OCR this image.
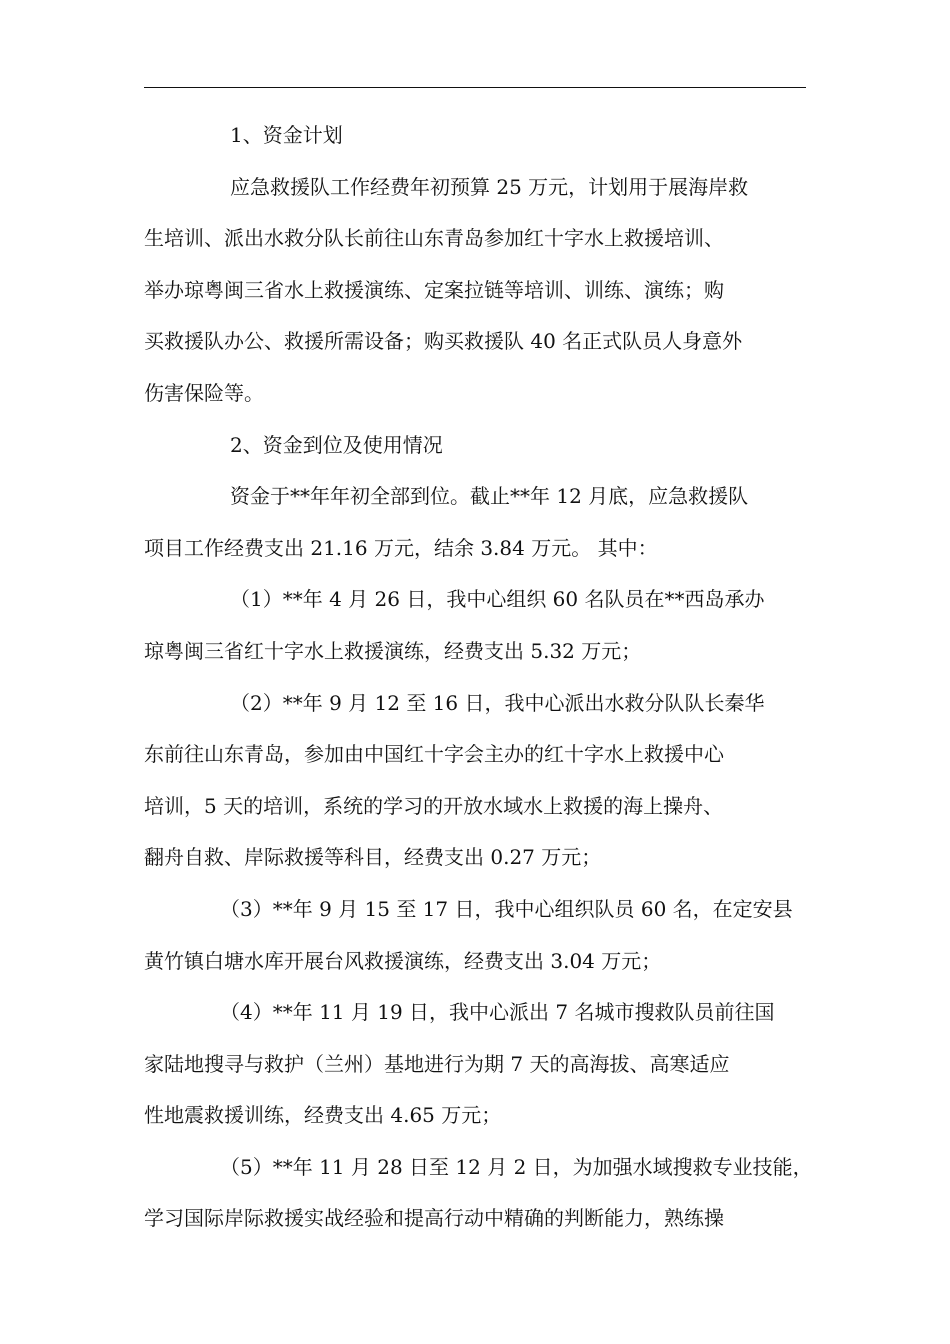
1、资金计划
应急救援队工作经费年初预算 25 万元，计划用于展海岸救
生培训、派出水救分队长前往山东青岛参加红十字水上救援培训、
举办琼粤闽三省水上救援演练、定案拉链等培训、训练、演练；购
买救援队办公、救援所需设备；购买救援队 40 名正式队员人身意外
伤害保险等。
2、资金到位及使用情况
资金于**年年初全部到位。截止**年 12 月底，应急救援队
项目工作经费支出 21.16 万元，结余 3.84 万元。 其中：
（1）**年 4 月 26 日，我中心组织 60 名队员在**西岛承办
琼粤闽三省红十字水上救援演练，经费支出 5.32 万元；
（2）**年 9 月 12 至 16 日，我中心派出水救分队队长秦华
东前往山东青岛，参加由中国红十字会主办的红十字水上救援中心
培训，5 天的培训，系统的学习的开放水域水上救援的海上操舟、
翻舟自救、岸际救援等科目，经费支出 0.27 万元；
（3）**年 9 月 15 至 17 日，我中心组织队员 60 名，在定安县
黄竹镇白塘水库开展台风救援演练，经费支出 3.04 万元；
（4）**年 11 月 19 日，我中心派出 7 名城市搜救队员前往国
家陆地搜寻与救护（兰州）基地进行为期 7 天的高海拔、高寒适应
性地震救援训练，经费支出 4.65 万元；
（5）**年 11 月 28 日至 12 月 2 日，为加强水域搜救专业技能，
学习国际岸际救援实战经验和提高行动中精确的判断能力，熟练操
